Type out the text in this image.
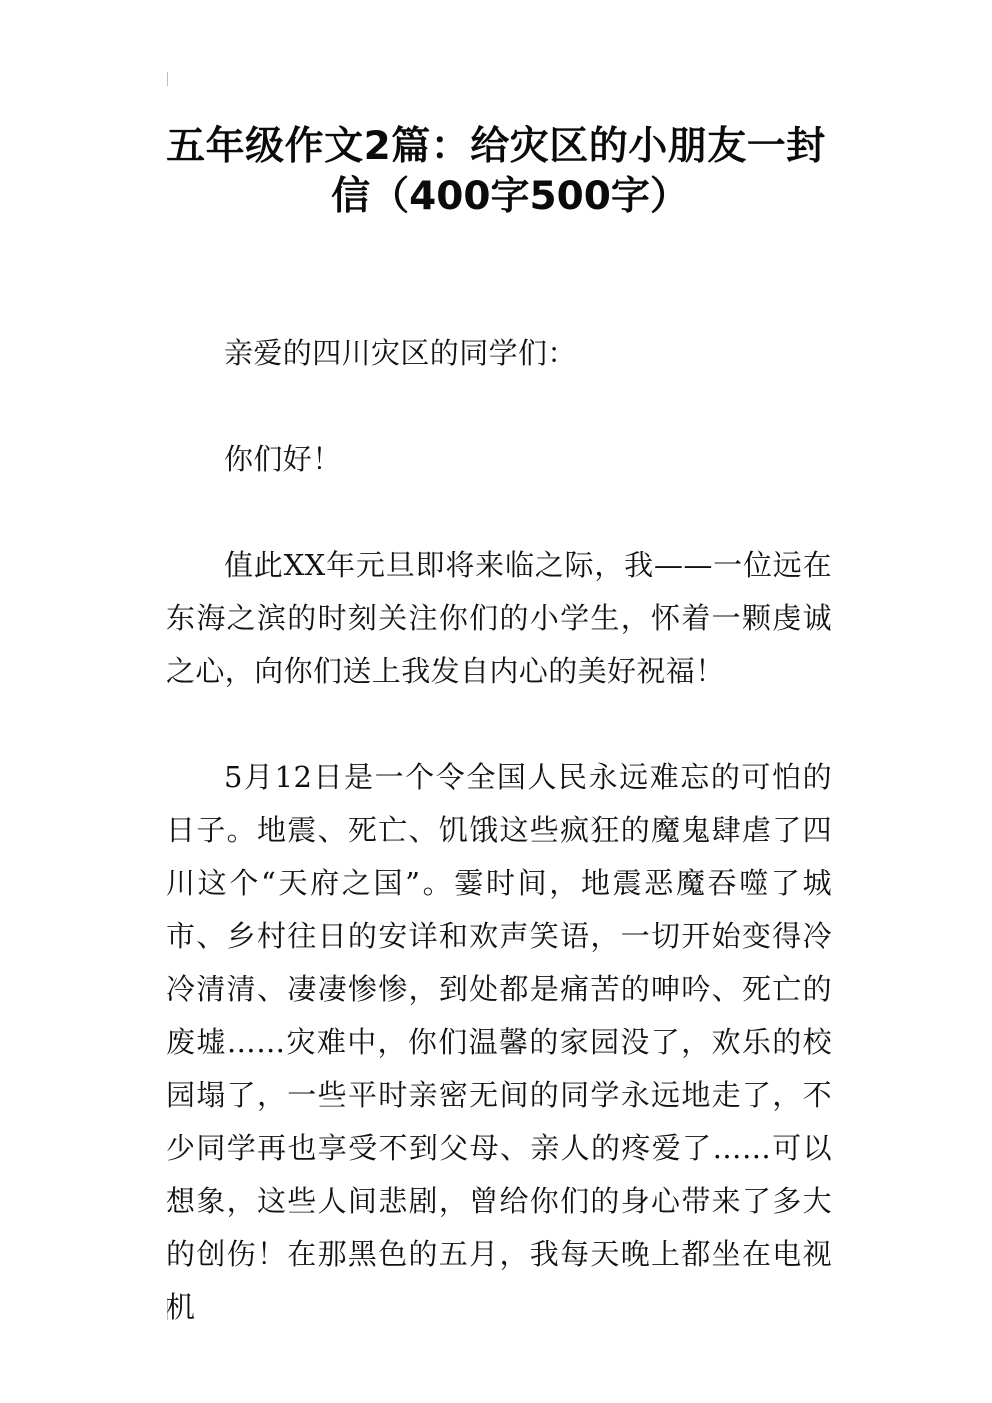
五年级作文2篇：给灾区的小朋友一封
信（400字500字）

亲爱的四川灾区的同学们：

你们好！

值此XX年元旦即将来临之际，我——一位远在东海之滨的时刻关注你们的小学生，怀着一颗虔诚之心，向你们送上我发自内心的美好祝福！

5月12日是一个令全国人民永远难忘的可怕的日子。地震、死亡、饥饿这些疯狂的魔鬼肆虐了四川这个“天府之国”。霎时间，地震恶魔吞噬了城市、乡村往日的安详和欢声笑语，一切开始变得冷冷清清、凄凄惨惨，到处都是痛苦的呻吟、死亡的废墟……灾难中，你们温馨的家园没了，欢乐的校园塌了，一些平时亲密无间的同学永远地走了，不少同学再也享受不到父母、亲人的疼爱了……可以想象，这些人间悲剧，曾给你们的身心带来了多大的创伤！在那黑色的五月，我每天晚上都坐在电视机
